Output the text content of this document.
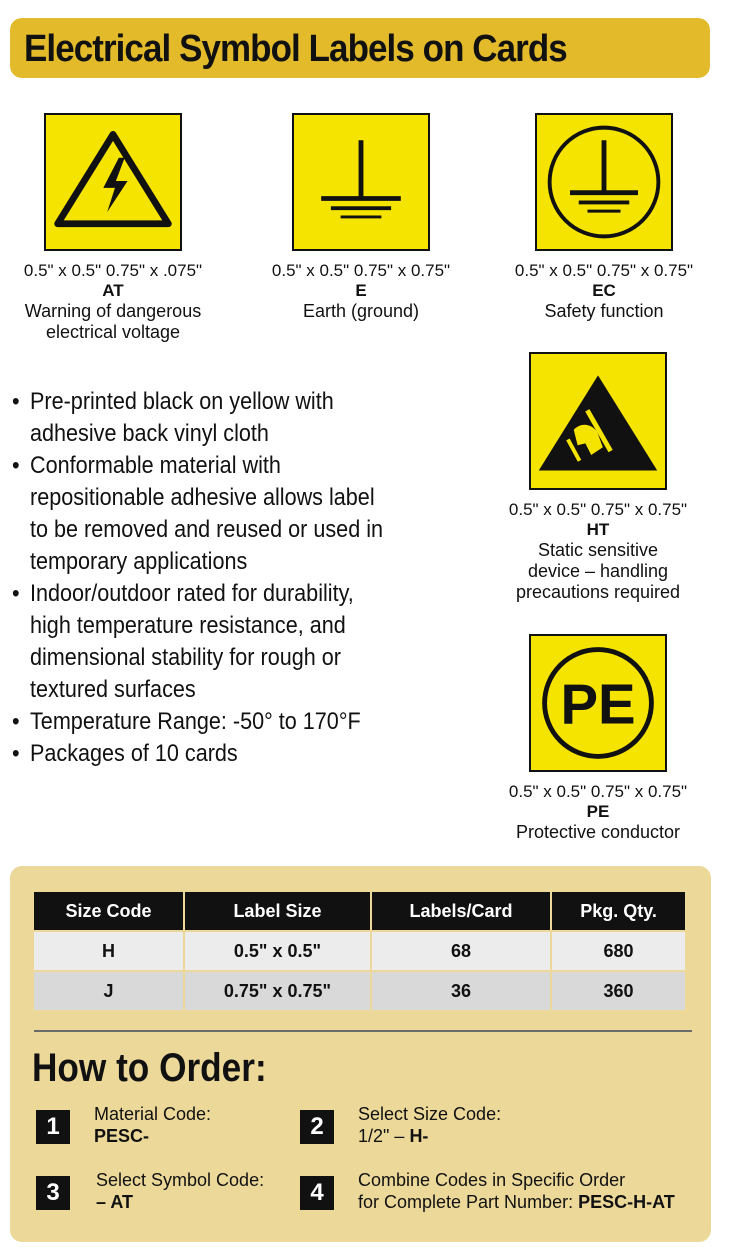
Electrical Symbol Labels on Cards
0.5" x 0.5" 0.75" x .075"
AT
Warning of dangerous
electrical voltage
0.5" x 0.5" 0.75" x 0.75"
E
Earth (ground)
0.5" x 0.5" 0.75" x 0.75"
EC
Safety function
0.5" x 0.5" 0.75" x 0.75"
HT
Static sensitive
device – handling
precautions required
PE
0.5" x 0.5" 0.75" x 0.75"
PE
Protective conductor
• Pre-printed black on yellow with
adhesive back vinyl cloth
• Conformable material with
repositionable adhesive allows label
to be removed and reused or used in
temporary applications
• Indoor/outdoor rated for durability,
high temperature resistance, and
dimensional stability for rough or
textured surfaces
• Temperature Range: -50° to 170°F
• Packages of 10 cards
Size Code	Label Size	Labels/Card	Pkg. Qty.
H	0.5" x 0.5"	68	680
J	0.75" x 0.75"	36	360
How to Order:
1	Material Code:
PESC-	2	Select Size Code:
1/2" – H-
3	Select Symbol Code:
– AT	4	Combine Codes in Specific Order
for Complete Part Number: PESC-H-AT
